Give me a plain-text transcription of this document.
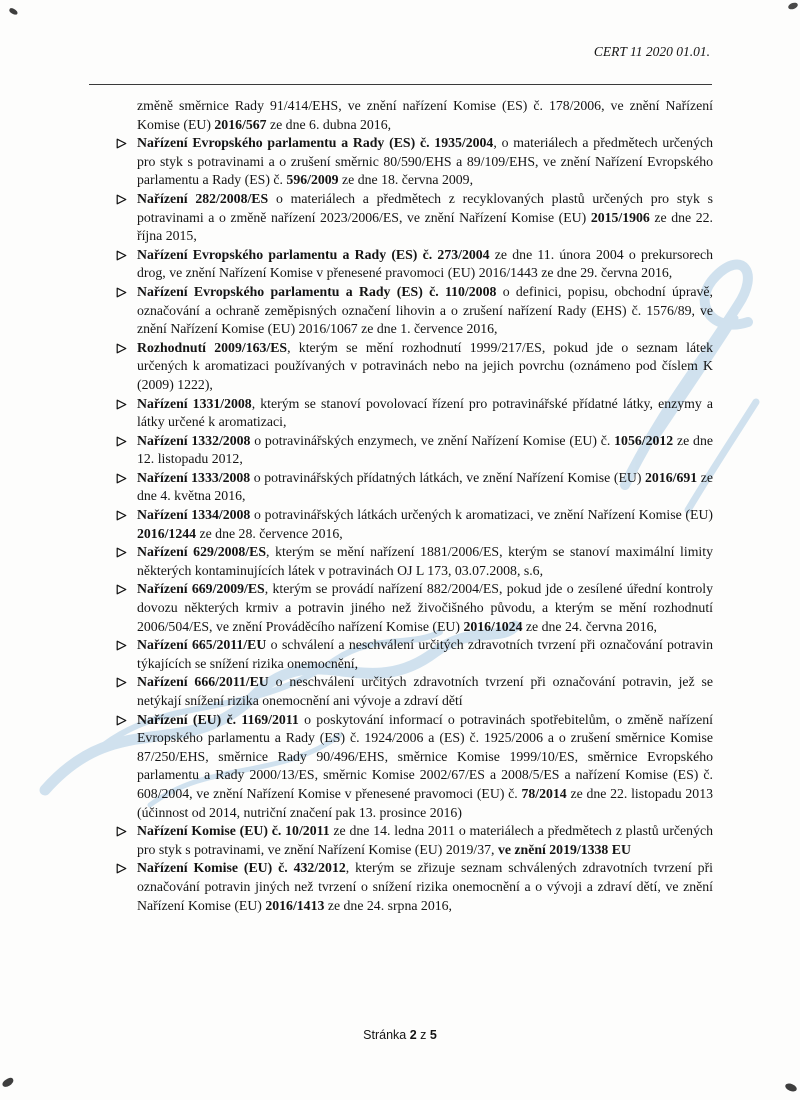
CERT 11 2020 01.01.

změně směrnice Rady 91/414/EHS, ve znění nařízení Komise (ES) č. 178/2006, ve znění Nařízení Komise (EU) 2016/567 ze dne 6. dubna 2016,

Nařízení Evropského parlamentu a Rady (ES) č. 1935/2004, o materiálech a předmětech určených pro styk s potravinami a o zrušení směrnic 80/590/EHS a 89/109/EHS, ve znění Nařízení Evropského parlamentu a Rady (ES) č. 596/2009 ze dne 18. června 2009,
Nařízení 282/2008/ES o materiálech a předmětech z recyklovaných plastů určených pro styk s potravinami a o změně nařízení 2023/2006/ES, ve znění Nařízení Komise (EU) 2015/1906 ze dne 22. října 2015,
Nařízení Evropského parlamentu a Rady (ES) č. 273/2004 ze dne 11. února 2004 o prekursorech drog, ve znění Nařízení Komise v přenesené pravomoci (EU) 2016/1443 ze dne 29. června 2016,
Nařízení Evropského parlamentu a Rady (ES) č. 110/2008 o definici, popisu, obchodní úpravě, označování a ochraně zeměpisných označení lihovin a o zrušení nařízení Rady (EHS) č. 1576/89, ve znění Nařízení Komise (EU) 2016/1067 ze dne 1. července 2016,
Rozhodnutí 2009/163/ES, kterým se mění rozhodnutí 1999/217/ES, pokud jde o seznam látek určených k aromatizaci používaných v potravinách nebo na jejich povrchu (oznámeno pod číslem K (2009) 1222),
Nařízení 1331/2008, kterým se stanoví povolovací řízení pro potravinářské přídatné látky, enzymy a látky určené k aromatizaci,
Nařízení 1332/2008 o potravinářských enzymech, ve znění Nařízení Komise (EU) č. 1056/2012 ze dne 12. listopadu 2012,
Nařízení 1333/2008 o potravinářských přídatných látkách, ve znění Nařízení Komise (EU) 2016/691 ze dne 4. května 2016,
Nařízení 1334/2008 o potravinářských látkách určených k aromatizaci, ve znění Nařízení Komise (EU) 2016/1244 ze dne 28. července 2016,
Nařízení 629/2008/ES, kterým se mění nařízení 1881/2006/ES, kterým se stanoví maximální limity některých kontaminujících látek v potravinách OJ L 173, 03.07.2008, s.6,
Nařízení 669/2009/ES, kterým se provádí nařízení 882/2004/ES, pokud jde o zesílené úřední kontroly dovozu některých krmiv a potravin jiného než živočišného původu, a kterým se mění rozhodnutí 2006/504/ES, ve znění Prováděcího nařízení Komise (EU) 2016/1024 ze dne 24. června 2016,
Nařízení 665/2011/EU o schválení a neschválení určitých zdravotních tvrzení při označování potravin týkajících se snížení rizika onemocnění,
Nařízení 666/2011/EU o neschválení určitých zdravotních tvrzení při označování potravin, jež se netýkají snížení rizika onemocnění ani vývoje a zdraví dětí
Nařízení (EU) č. 1169/2011 o poskytování informací o potravinách spotřebitelům, o změně nařízení Evropského parlamentu a Rady (ES) č. 1924/2006 a (ES) č. 1925/2006 a o zrušení směrnice Komise 87/250/EHS, směrnice Rady 90/496/EHS, směrnice Komise 1999/10/ES, směrnice Evropského parlamentu a Rady 2000/13/ES, směrnic Komise 2002/67/ES a 2008/5/ES a nařízení Komise (ES) č. 608/2004, ve znění Nařízení Komise v přenesené pravomoci (EU) č. 78/2014 ze dne 22. listopadu 2013 (účinnost od 2014, nutriční značení pak 13. prosince 2016)
Nařízení Komise (EU) č. 10/2011 ze dne 14. ledna 2011 o materiálech a předmětech z plastů určených pro styk s potravinami, ve znění Nařízení Komise (EU) 2019/37, ve znění 2019/1338 EU
Nařízení Komise (EU) č. 432/2012, kterým se zřizuje seznam schválených zdravotních tvrzení při označování potravin jiných než tvrzení o snížení rizika onemocnění a o vývoji a zdraví dětí, ve znění Nařízení Komise (EU) 2016/1413 ze dne 24. srpna 2016,
Stránka 2 z 5
